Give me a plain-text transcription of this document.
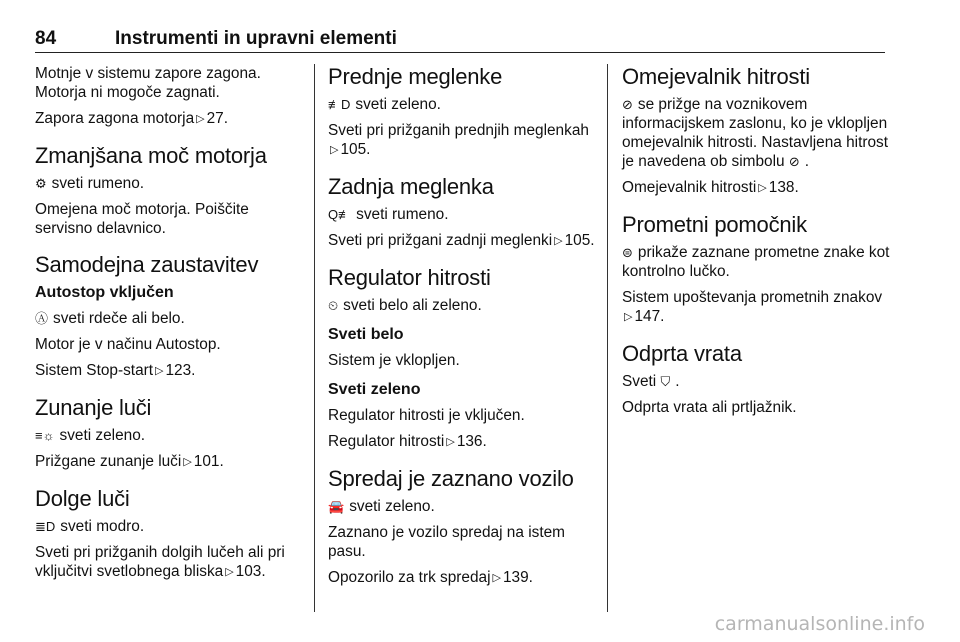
84	Instrumenti in upravni elementi

Motnje v sistemu zapore zagona. Motorja ni mogoče zagnati.

Zapora zagona motorja ▷ 27.

Zmanjšana moč motorja

⚙ sveti rumeno.

Omejena moč motorja. Poiščite servisno delavnico.

Samodejna zaustavitev
Autostop vključen

Ⓐ sveti rdeče ali belo.

Motor je v načinu Autostop.

Sistem Stop-start ▷ 123.

Zunanje luči

≡☼ sveti zeleno.

Prižgane zunanje luči ▷ 101.

Dolge luči

≣D sveti modro.

Sveti pri prižganih dolgih lučeh ali pri vključitvi svetlobnega bliska ▷ 103.

Prednje meglenke

≢D sveti zeleno.

Sveti pri prižganih prednjih meglenkah▷ 105.

Zadnja meglenka

Q≢ sveti rumeno.

Sveti pri prižgani zadnji meglenki ▷ 105.

Regulator hitrosti

⏲ sveti belo ali zeleno.

Sveti belo

Sistem je vklopljen.

Sveti zeleno

Regulator hitrosti je vključen.

Regulator hitrosti ▷ 136.

Spredaj je zaznano vozilo

🚘 sveti zeleno.

Zaznano je vozilo spredaj na istem pasu.

Opozorilo za trk spredaj ▷ 139.

Omejevalnik hitrosti

⊘ se prižge na voznikovem informacijskem zaslonu, ko je vklopljen omejevalnik hitrosti. Nastavljena hitrost je navedena ob simbolu ⊘ .

Omejevalnik hitrosti ▷ 138.

Prometni pomočnik

⊜ prikaže zaznane prometne znake kot kontrolno lučko.

Sistem upoštevanja prometnih znakov▷ 147.

Odprta vrata

Sveti ⛉ .

Odprta vrata ali prtljažnik.

carmanualsonline.info
